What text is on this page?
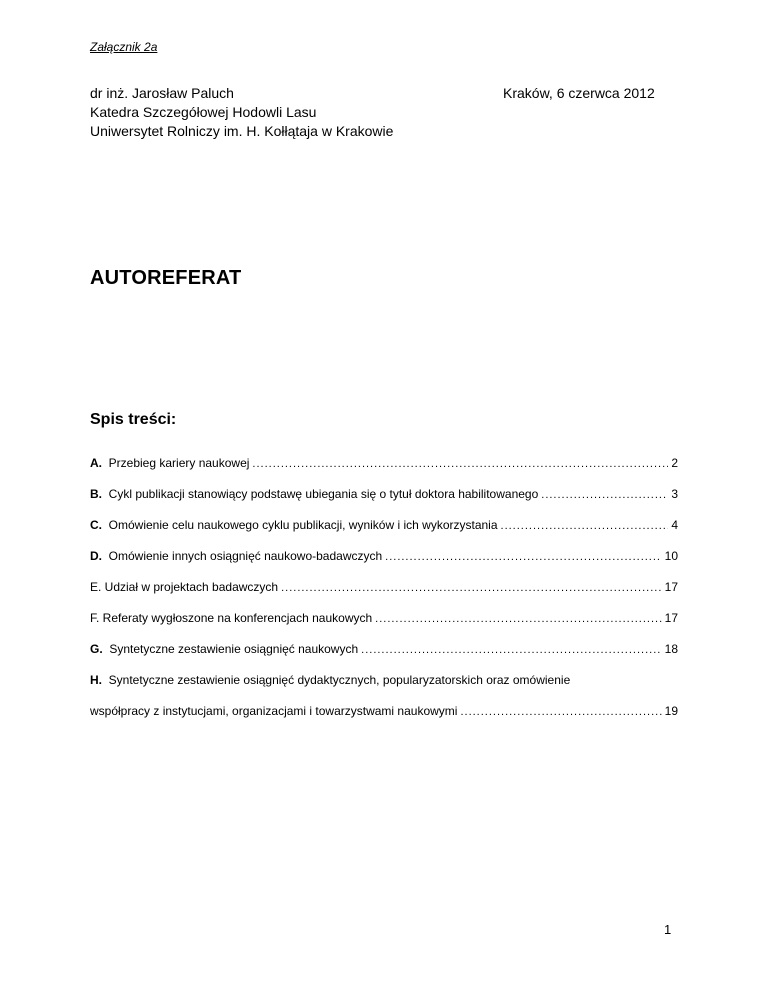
Załącznik 2a
dr inż. Jarosław Paluch
Katedra Szczegółowej Hodowli Lasu
Uniwersytet Rolniczy im. H. Kołłątaja w Krakowie
Kraków, 6 czerwca 2012
AUTOREFERAT
Spis treści:
A. Przebieg kariery naukowej .....	2
B. Cykl publikacji stanowiący podstawę ubiegania się o tytuł doktora habilitowanego .....	3
C. Omówienie celu naukowego cyklu publikacji, wyników i ich wykorzystania .....	4
D. Omówienie innych osiągnięć naukowo-badawczych .....	10
E. Udział w projektach badawczych .....	17
F. Referaty wygłoszone na konferencjach naukowych .....	17
G. Syntetyczne zestawienie osiągnięć naukowych .....	18
H. Syntetyczne zestawienie osiągnięć dydaktycznych, popularyzatorskich oraz omówienie
współpracy z instytucjami, organizacjami i towarzystwami naukowymi .....	19
1
